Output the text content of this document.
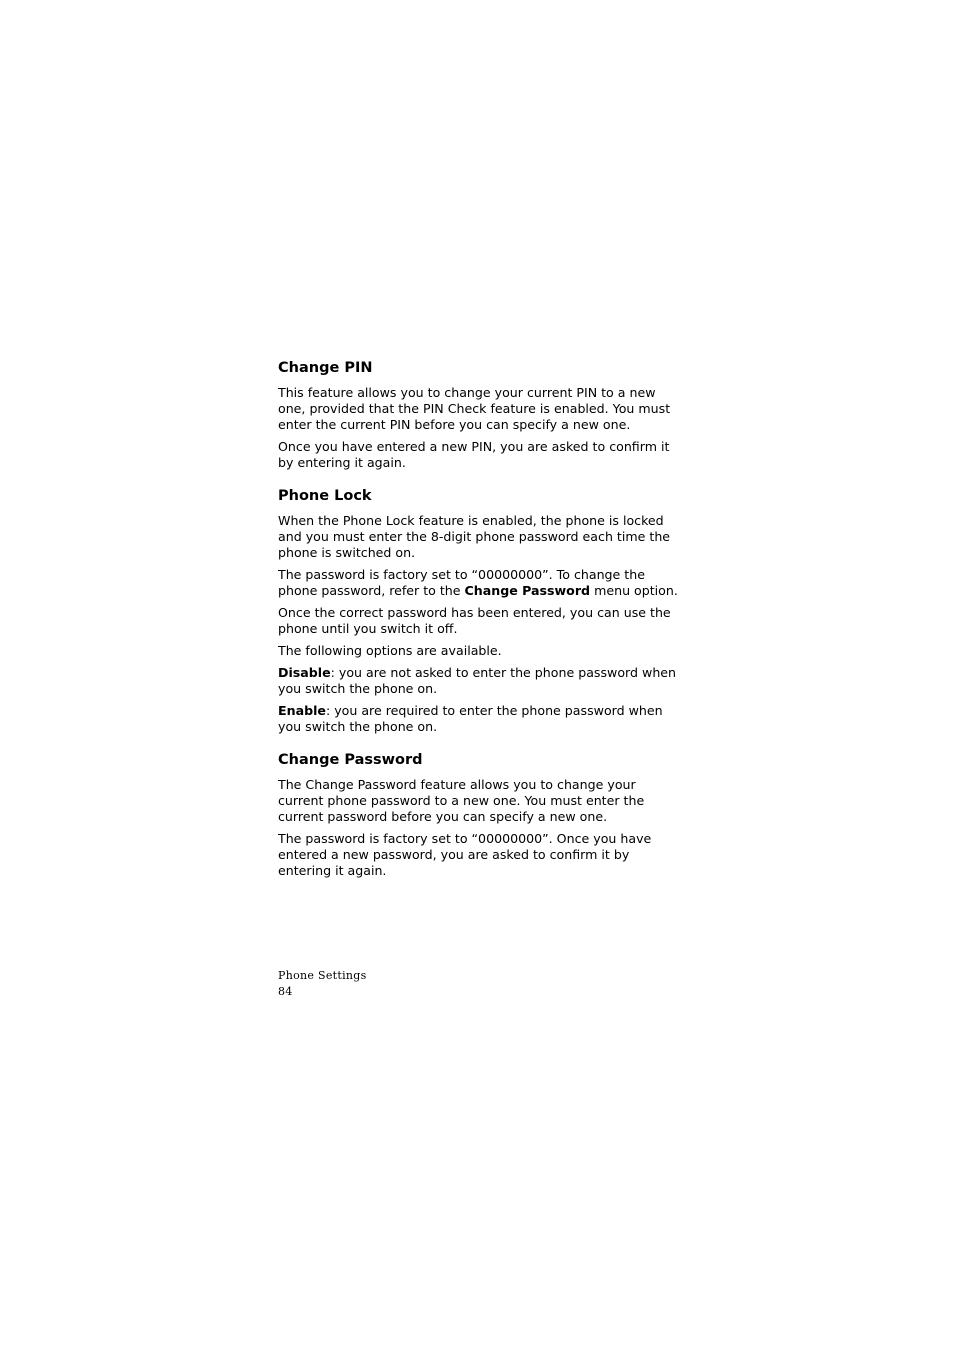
Change PIN

This feature allows you to change your current PIN to a new one, provided that the PIN Check feature is enabled. You must enter the current PIN before you can specify a new one.

Once you have entered a new PIN, you are asked to confirm it by entering it again.

Phone Lock

When the Phone Lock feature is enabled, the phone is locked and you must enter the 8-digit phone password each time the phone is switched on.

The password is factory set to “00000000”. To change the phone password, refer to the Change Password menu option.

Once the correct password has been entered, you can use the phone until you switch it off.

The following options are available.

Disable: you are not asked to enter the phone password when you switch the phone on.

Enable: you are required to enter the phone password when you switch the phone on.

Change Password

The Change Password feature allows you to change your current phone password to a new one. You must enter the current password before you can specify a new one.

The password is factory set to “00000000”. Once you have entered a new password, you are asked to confirm it by entering it again.

Phone Settings
84
